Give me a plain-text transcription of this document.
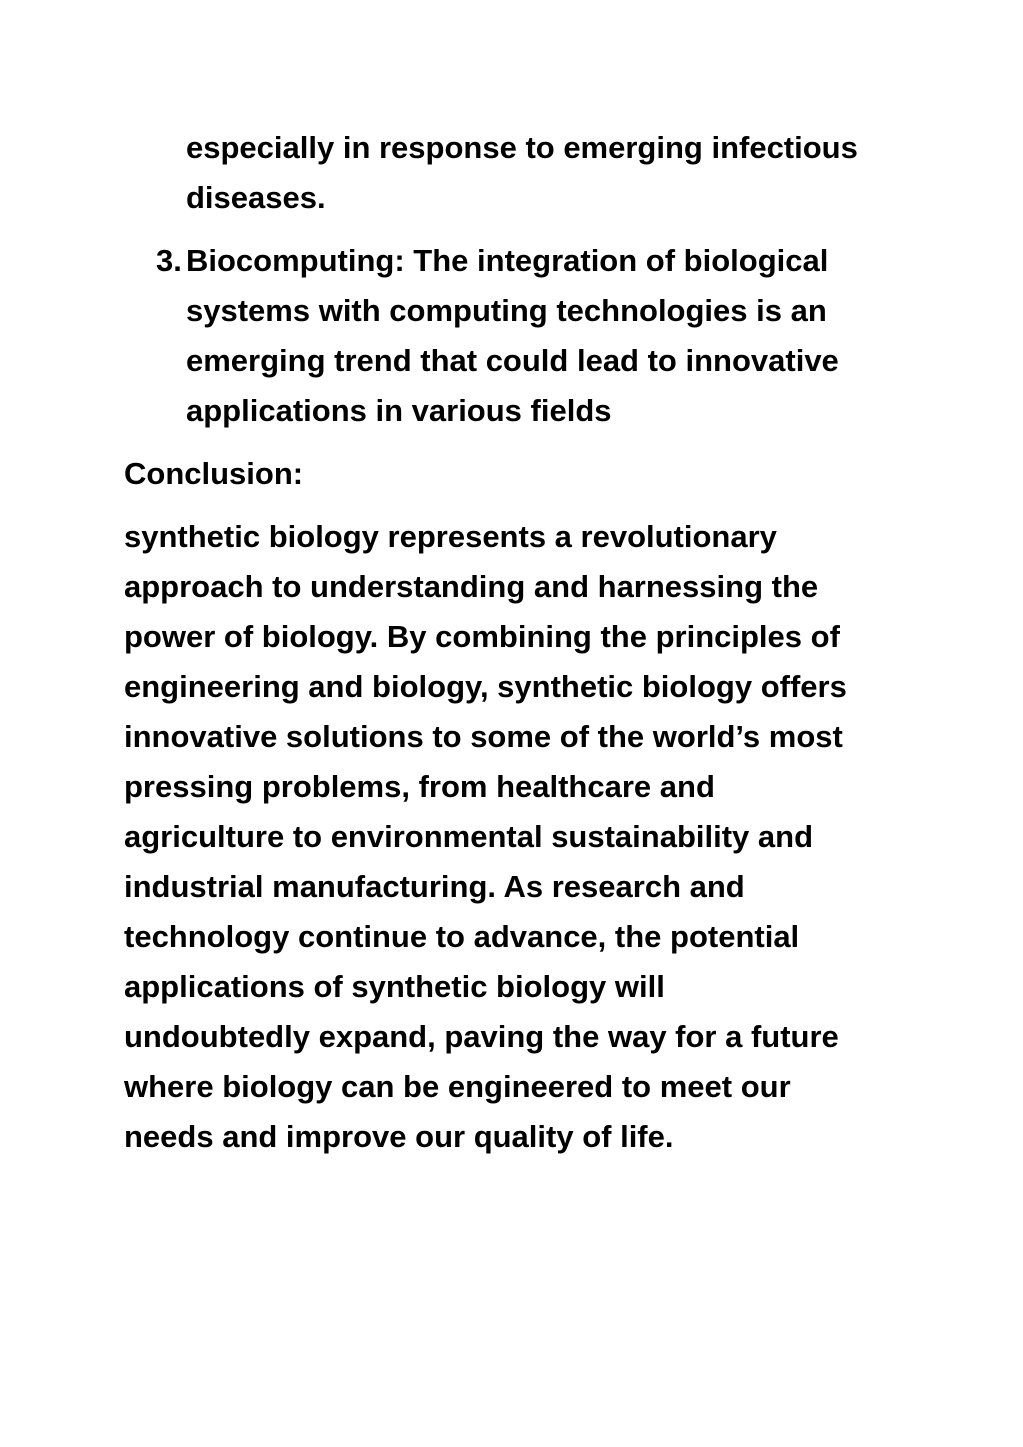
especially in response to emerging infectious
diseases.
3. Biocomputing: The integration of biological
systems with computing technologies is an
emerging trend that could lead to innovative
applications in various fields
Conclusion:
synthetic biology represents a revolutionary
approach to understanding and harnessing the
power of biology. By combining the principles of
engineering and biology, synthetic biology offers
innovative solutions to some of the world’s most
pressing problems, from healthcare and
agriculture to environmental sustainability and
industrial manufacturing. As research and
technology continue to advance, the potential
applications of synthetic biology will
undoubtedly expand, paving the way for a future
where biology can be engineered to meet our
needs and improve our quality of life.
